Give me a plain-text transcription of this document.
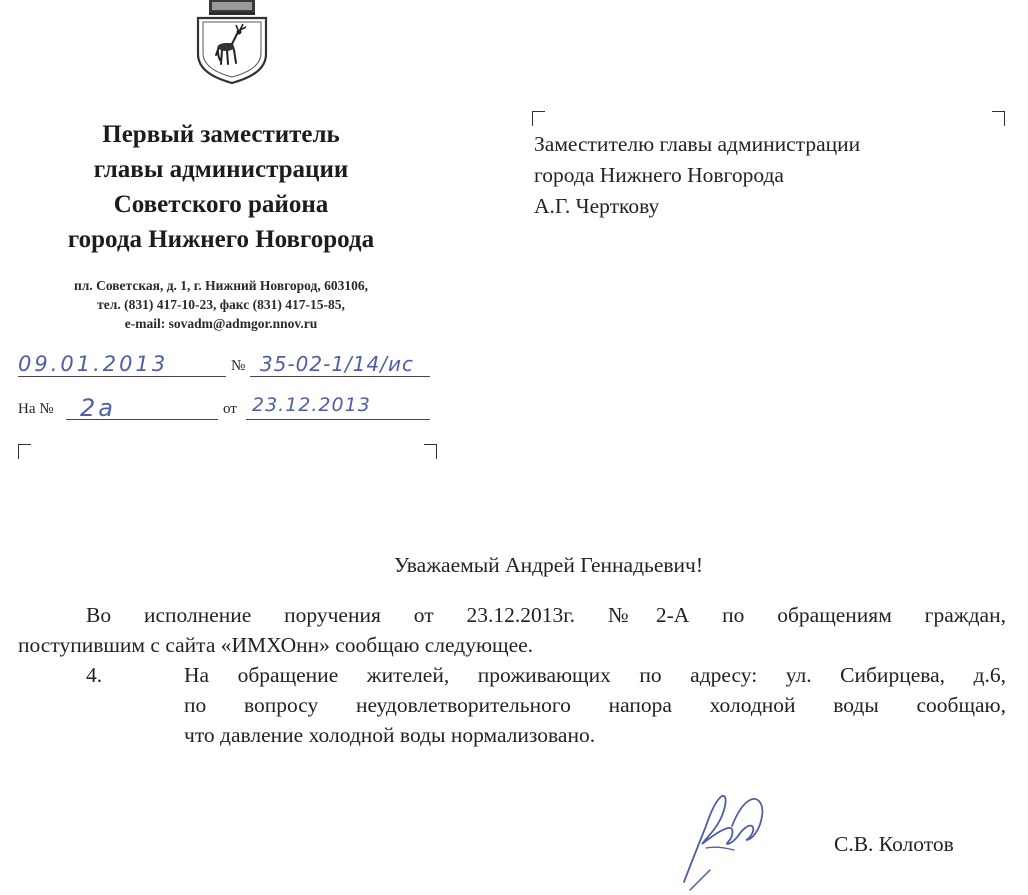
Первый заместитель
главы администрации
Советского района
города Нижнего Новгорода
пл. Советская, д. 1, г. Нижний Новгород, 603106,
тел. (831) 417-10-23, факс (831) 417-15-85,
e-mail: sovadm@admgor.nnov.ru
09.01.2013	№ 35-02-1/14/ис
На № 2а	от 23.12.2013
Заместителю главы администрации
города Нижнего Новгорода
А.Г. Черткову
Уважаемый Андрей Геннадьевич!
Во исполнение поручения от 23.12.2013г. №2-А по обращениям граждан,
поступившим с сайта «ИМХОнн» сообщаю следующее.
4.	На обращение жителей, проживающих по адресу: ул. Сибирцева, д.6,
по вопросу неудовлетворительного напора холодной воды сообщаю,
что давление холодной воды нормализовано.
С.В. Колотов
